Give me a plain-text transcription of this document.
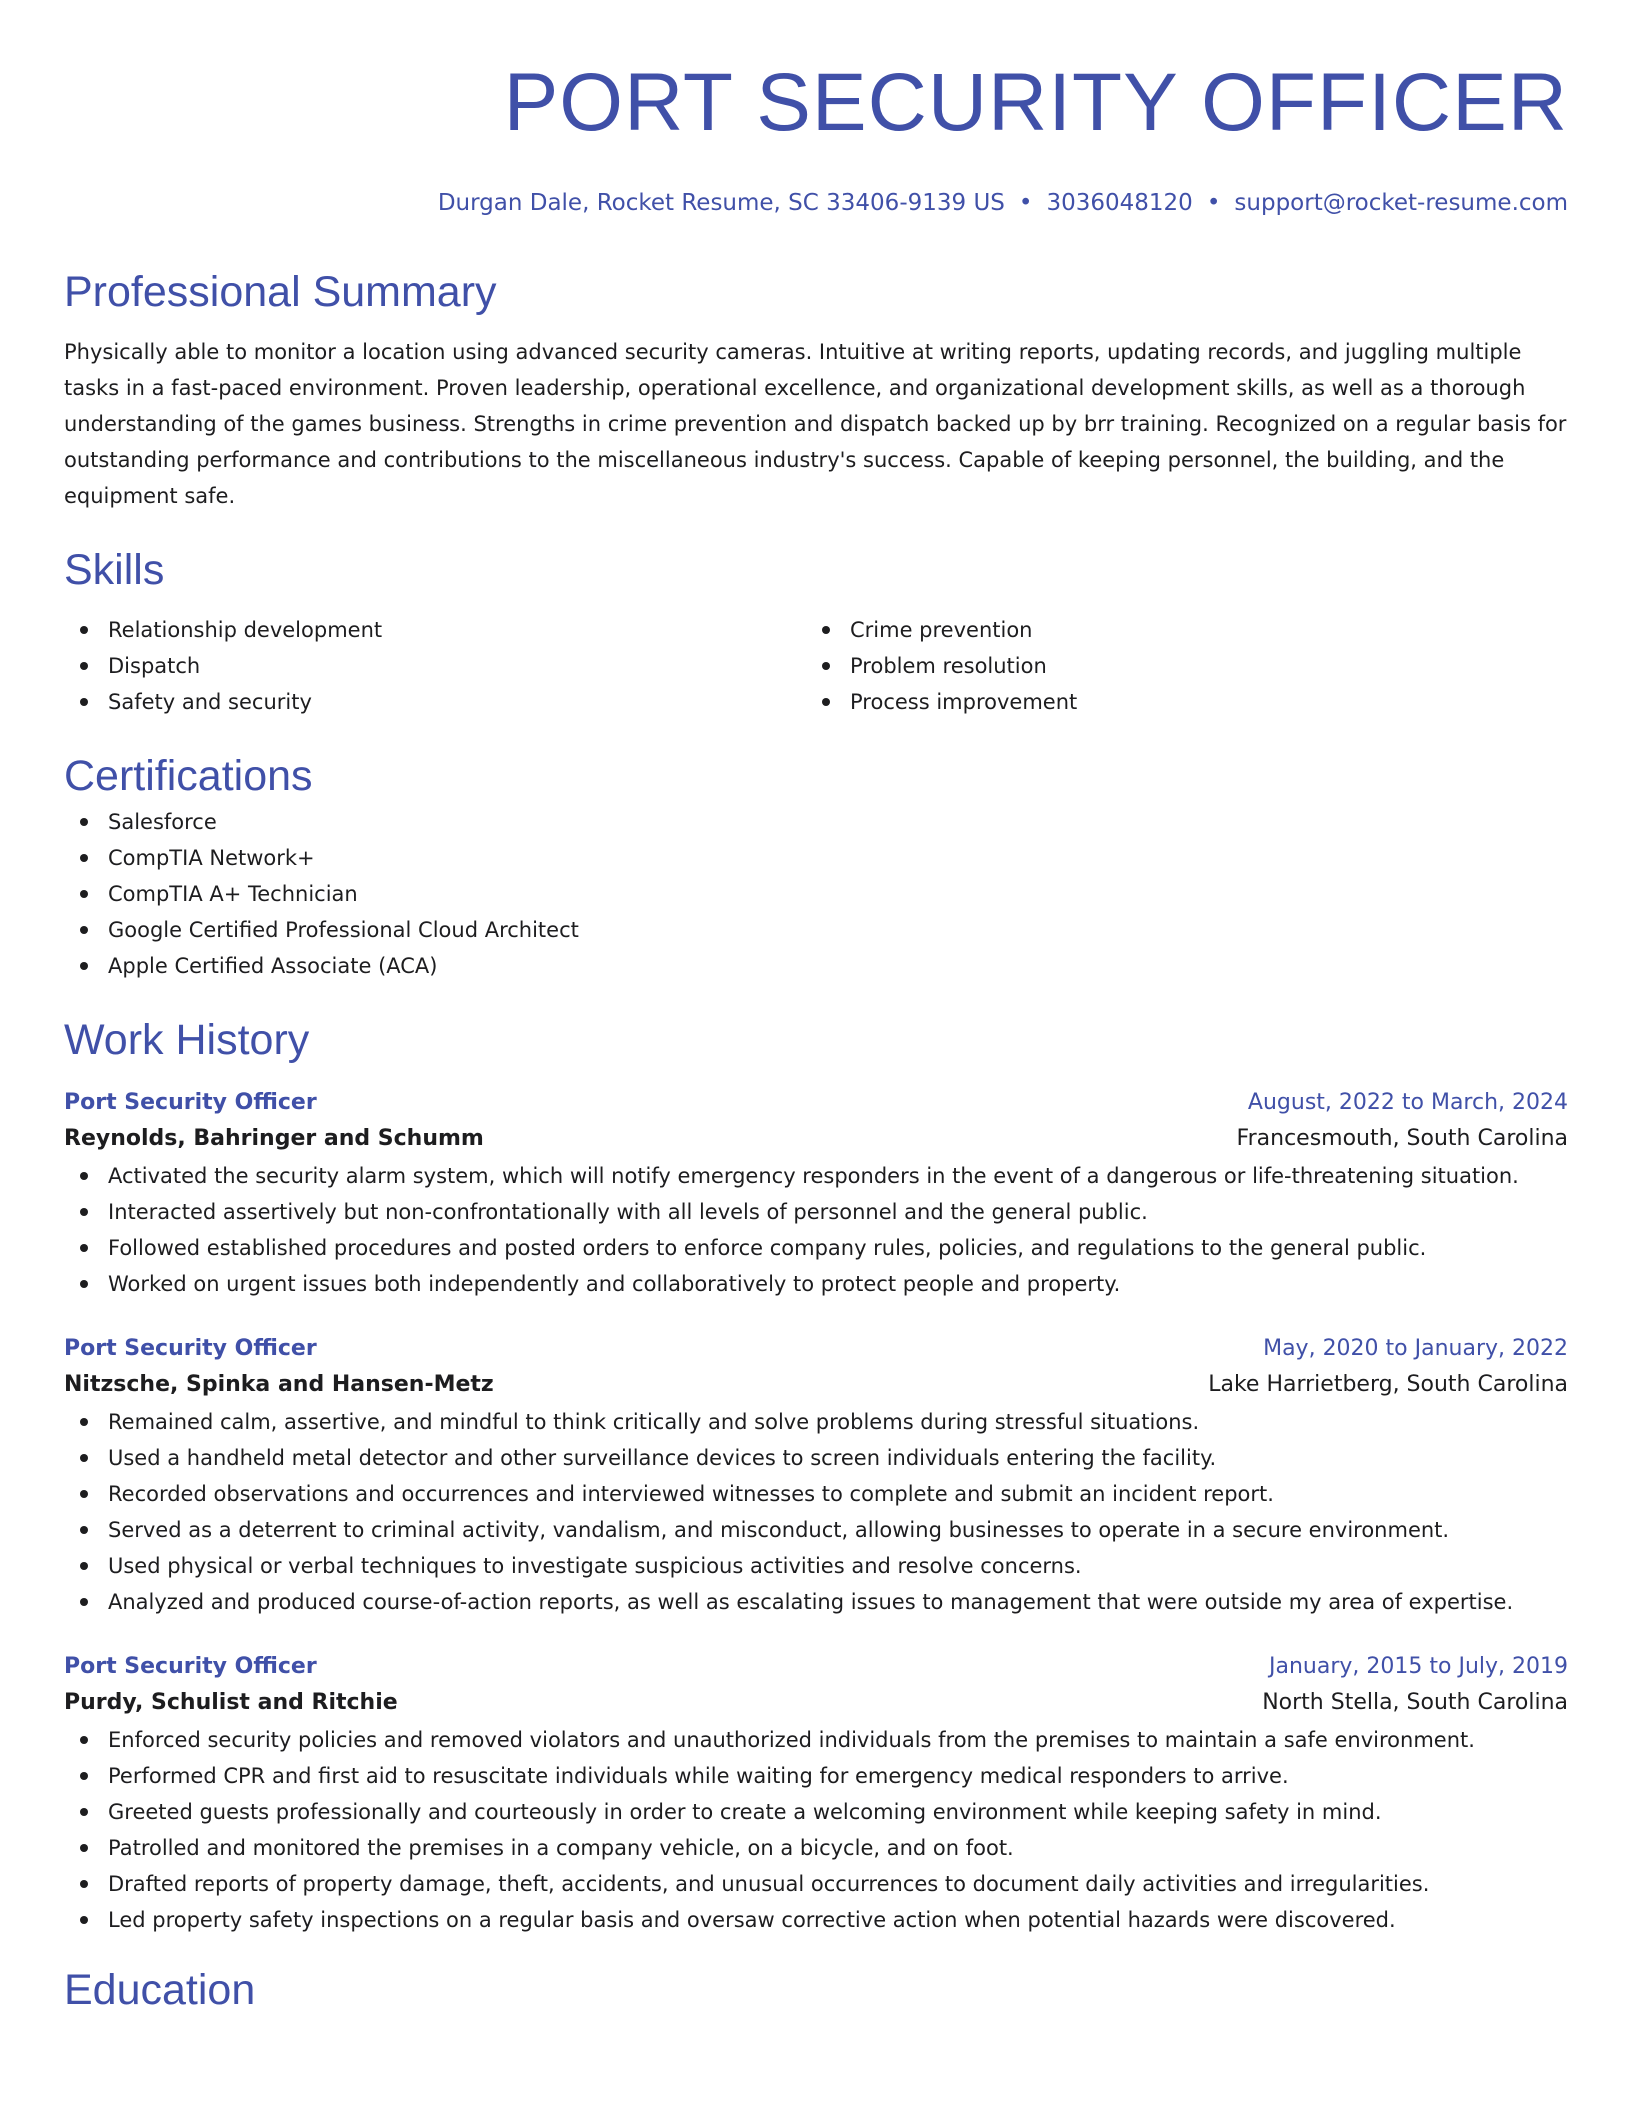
PORT SECURITY OFFICER
Durgan Dale, Rocket Resume, SC 33406-9139 US • 3036048120 • support@rocket-resume.com
Professional Summary
Physically able to monitor a location using advanced security cameras. Intuitive at writing reports, updating records, and juggling multiple tasks in a fast-paced environment. Proven leadership, operational excellence, and organizational development skills, as well as a thorough understanding of the games business. Strengths in crime prevention and dispatch backed up by brr training. Recognized on a regular basis for outstanding performance and contributions to the miscellaneous industry's success. Capable of keeping personnel, the building, and the equipment safe.
Skills
Relationship development
Dispatch
Safety and security
Crime prevention
Problem resolution
Process improvement
Certifications
Salesforce
CompTIA Network+
CompTIA A+ Technician
Google Certified Professional Cloud Architect
Apple Certified Associate (ACA)
Work History
Port Security Officer	August, 2022 to March, 2024
Reynolds, Bahringer and Schumm	Francesmouth, South Carolina
Activated the security alarm system, which will notify emergency responders in the event of a dangerous or life-threatening situation.
Interacted assertively but non-confrontationally with all levels of personnel and the general public.
Followed established procedures and posted orders to enforce company rules, policies, and regulations to the general public.
Worked on urgent issues both independently and collaboratively to protect people and property.
Port Security Officer	May, 2020 to January, 2022
Nitzsche, Spinka and Hansen-Metz	Lake Harrietberg, South Carolina
Remained calm, assertive, and mindful to think critically and solve problems during stressful situations.
Used a handheld metal detector and other surveillance devices to screen individuals entering the facility.
Recorded observations and occurrences and interviewed witnesses to complete and submit an incident report.
Served as a deterrent to criminal activity, vandalism, and misconduct, allowing businesses to operate in a secure environment.
Used physical or verbal techniques to investigate suspicious activities and resolve concerns.
Analyzed and produced course-of-action reports, as well as escalating issues to management that were outside my area of expertise.
Port Security Officer	January, 2015 to July, 2019
Purdy, Schulist and Ritchie	North Stella, South Carolina
Enforced security policies and removed violators and unauthorized individuals from the premises to maintain a safe environment.
Performed CPR and first aid to resuscitate individuals while waiting for emergency medical responders to arrive.
Greeted guests professionally and courteously in order to create a welcoming environment while keeping safety in mind.
Patrolled and monitored the premises in a company vehicle, on a bicycle, and on foot.
Drafted reports of property damage, theft, accidents, and unusual occurrences to document daily activities and irregularities.
Led property safety inspections on a regular basis and oversaw corrective action when potential hazards were discovered.
Education
